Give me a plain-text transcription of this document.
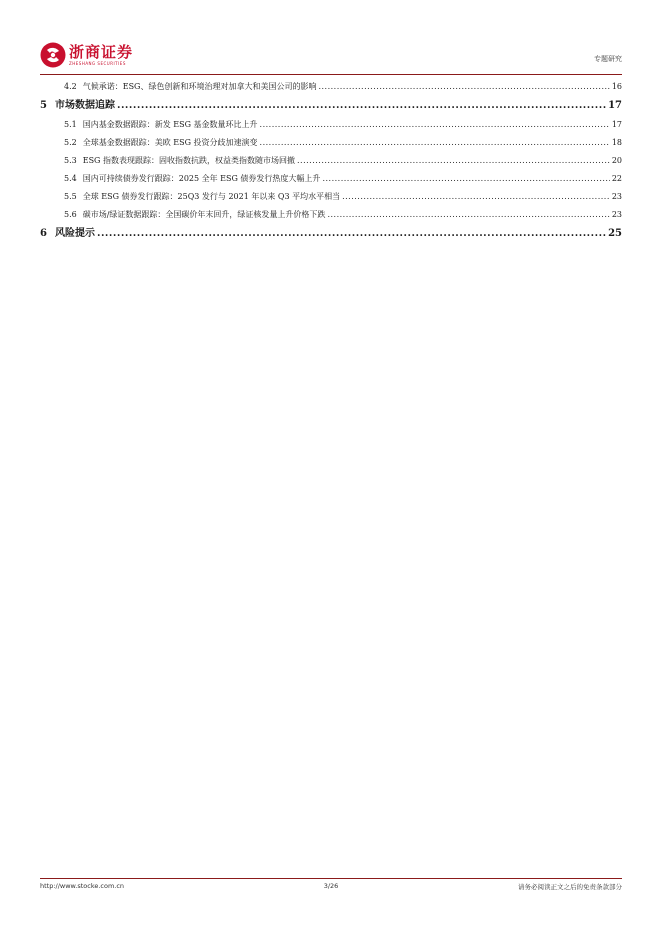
浙商证券
ZHESHANG SECURITIES	专题研究
4.2 气候承诺：ESG、绿色创新和环境治理对加拿大和美国公司的影响 .....	16
5 市场数据追踪 .....	17
5.1 国内基金数据跟踪：新发 ESG 基金数量环比上升 .....	17
5.2 全球基金数据跟踪：美欧 ESG 投资分歧加速演变 .....	18
5.3 ESG 指数表现跟踪：固收指数抗跌，权益类指数随市场回撤 .....	20
5.4 国内可持续债券发行跟踪：2025 全年 ESG 债券发行热度大幅上升 .....	22
5.5 全球 ESG 债券发行跟踪：25Q3 发行与 2021 年以来 Q3 平均水平相当 .....	23
5.6 碳市场/绿证数据跟踪：全国碳价年末回升，绿证核发量上升价格下跌 .....	23
6 风险提示 .....	25
http://www.stocke.com.cn	3/26	请务必阅读正文之后的免责条款部分
